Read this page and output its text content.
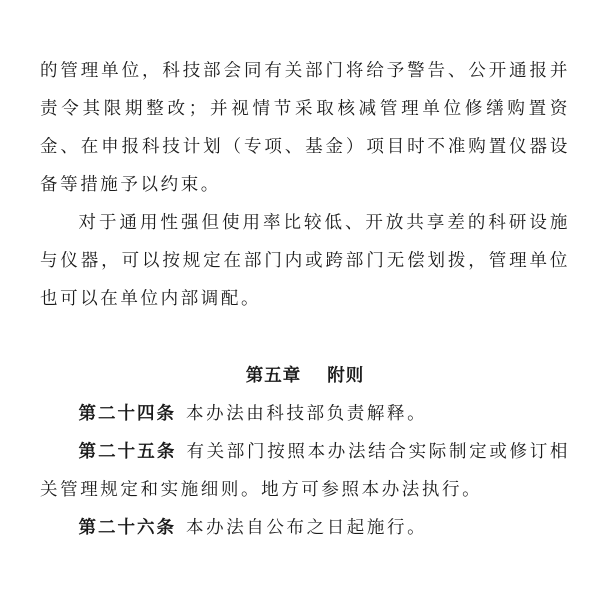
的管理单位，科技部会同有关部门将给予警告、公开通报并责令其限期整改；并视情节采取核减管理单位修缮购置资金、在申报科技计划（专项、基金）项目时不准购置仪器设备等措施予以约束。

对于通用性强但使用率比较低、开放共享差的科研设施与仪器，可以按规定在部门内或跨部门无偿划拨，管理单位也可以在单位内部调配。

第五章 附则

第二十四条 本办法由科技部负责解释。

第二十五条 有关部门按照本办法结合实际制定或修订相关管理规定和实施细则。地方可参照本办法执行。

第二十六条 本办法自公布之日起施行。
